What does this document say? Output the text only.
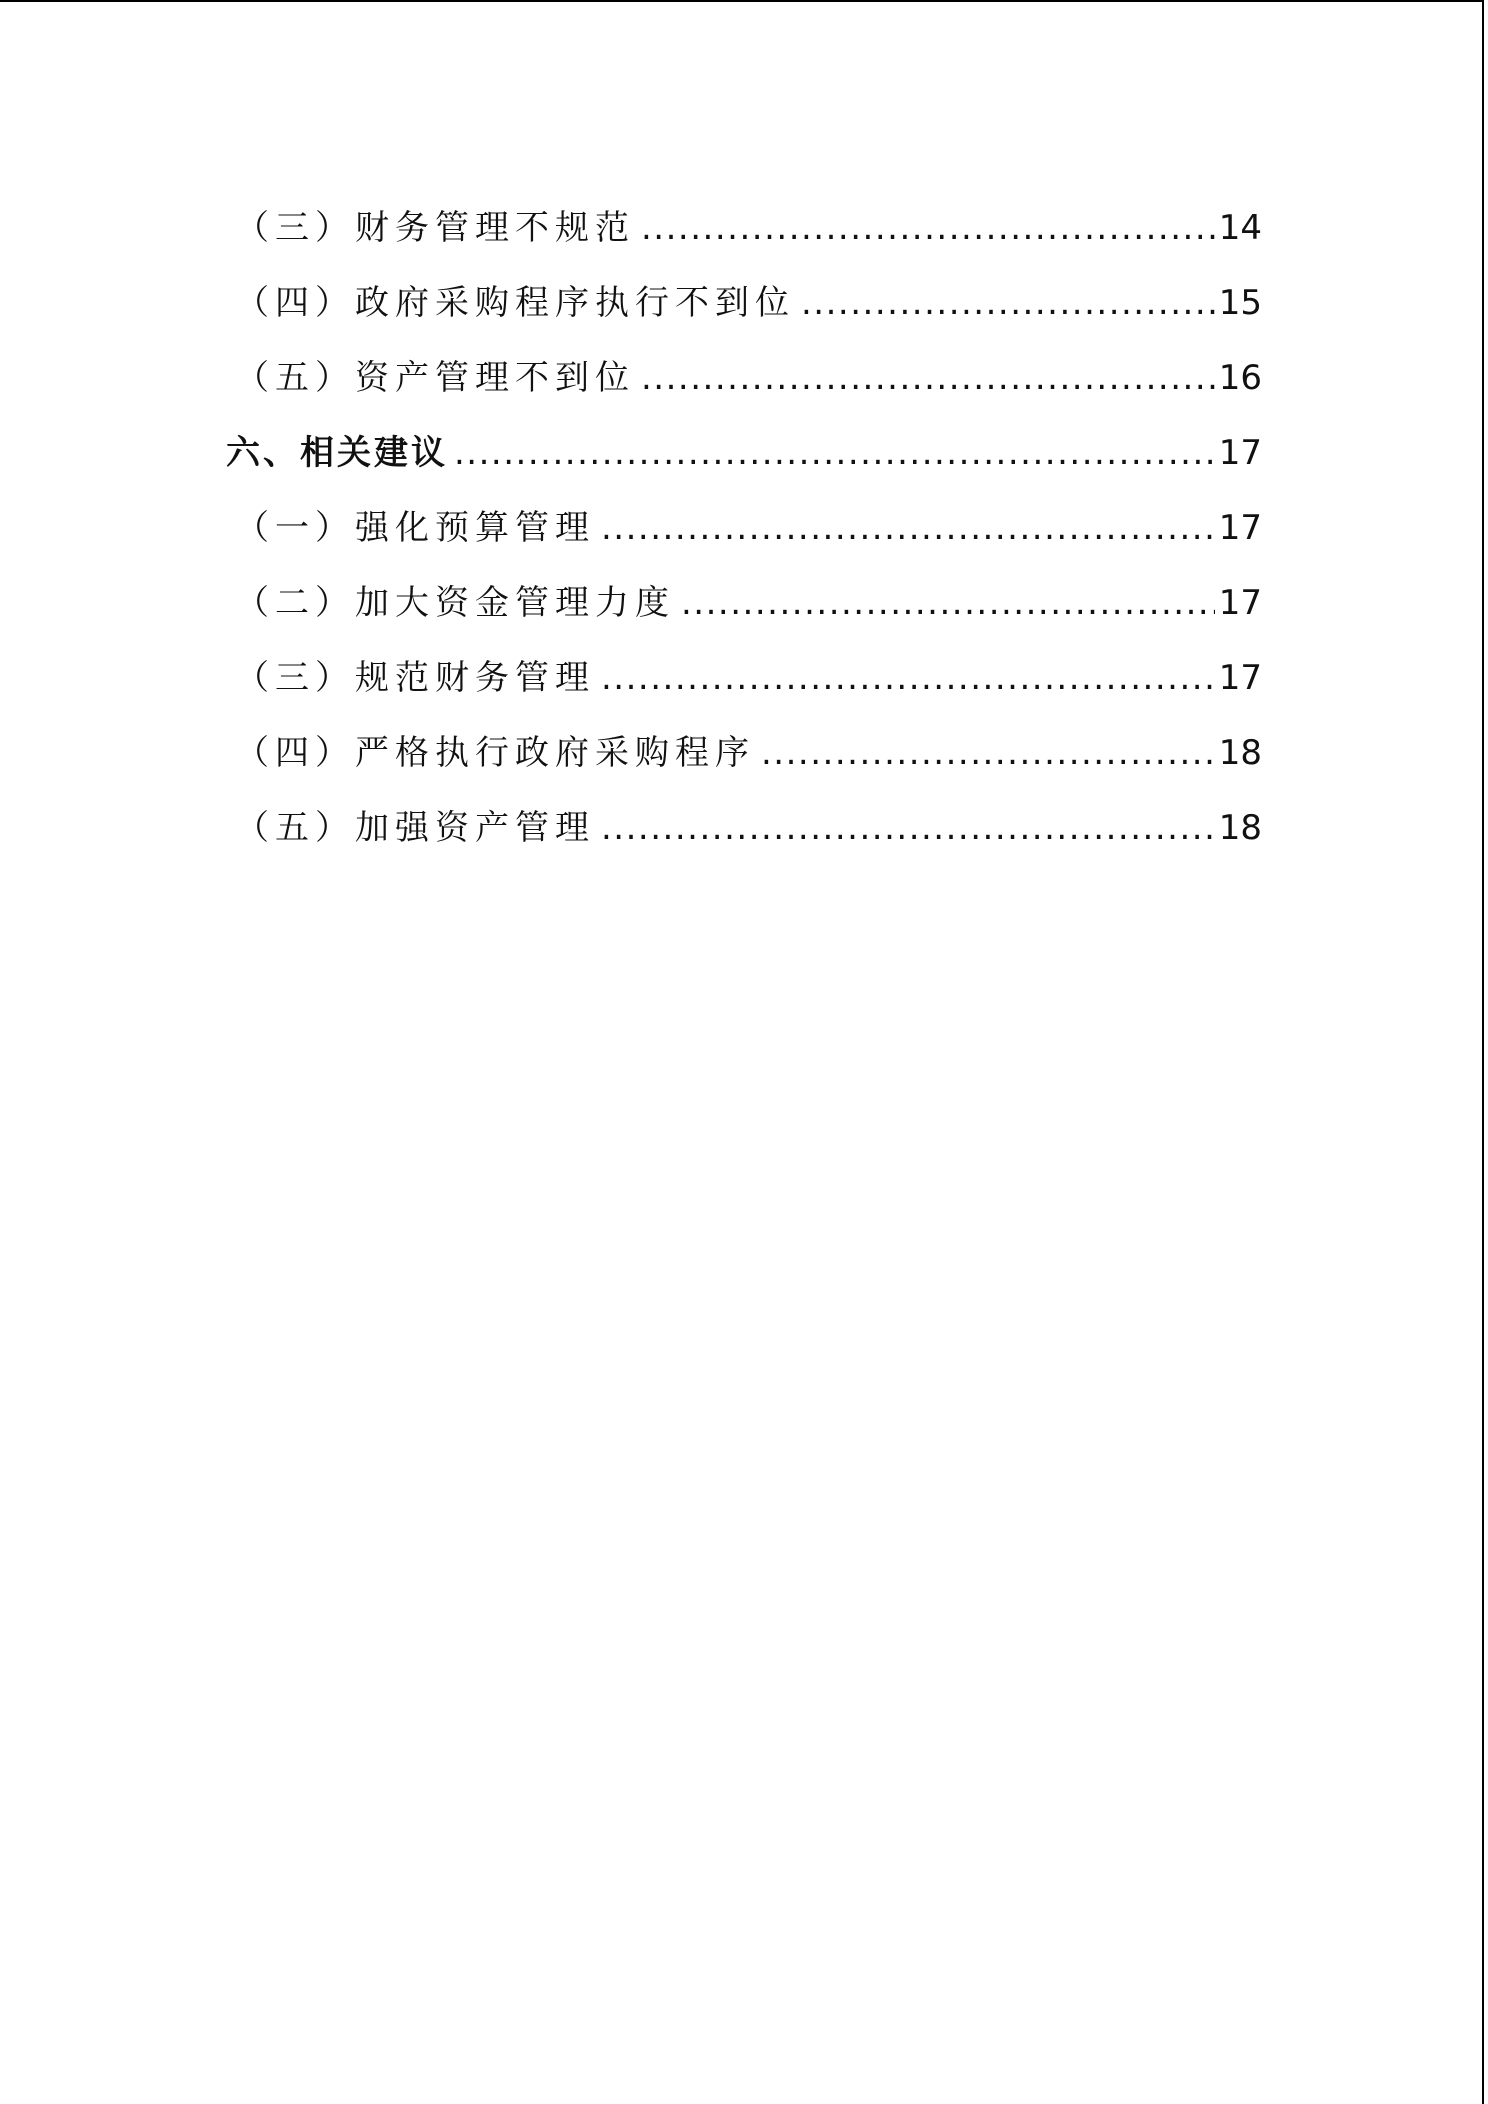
（三）财务管理不规范 .....	14
（四）政府采购程序执行不到位 .....	15
（五）资产管理不到位 .....	16
六、相关建议 .....	17
（一）强化预算管理 .....	17
（二）加大资金管理力度 .....	17
（三）规范财务管理 .....	17
（四）严格执行政府采购程序 .....	18
（五）加强资产管理 .....	18
